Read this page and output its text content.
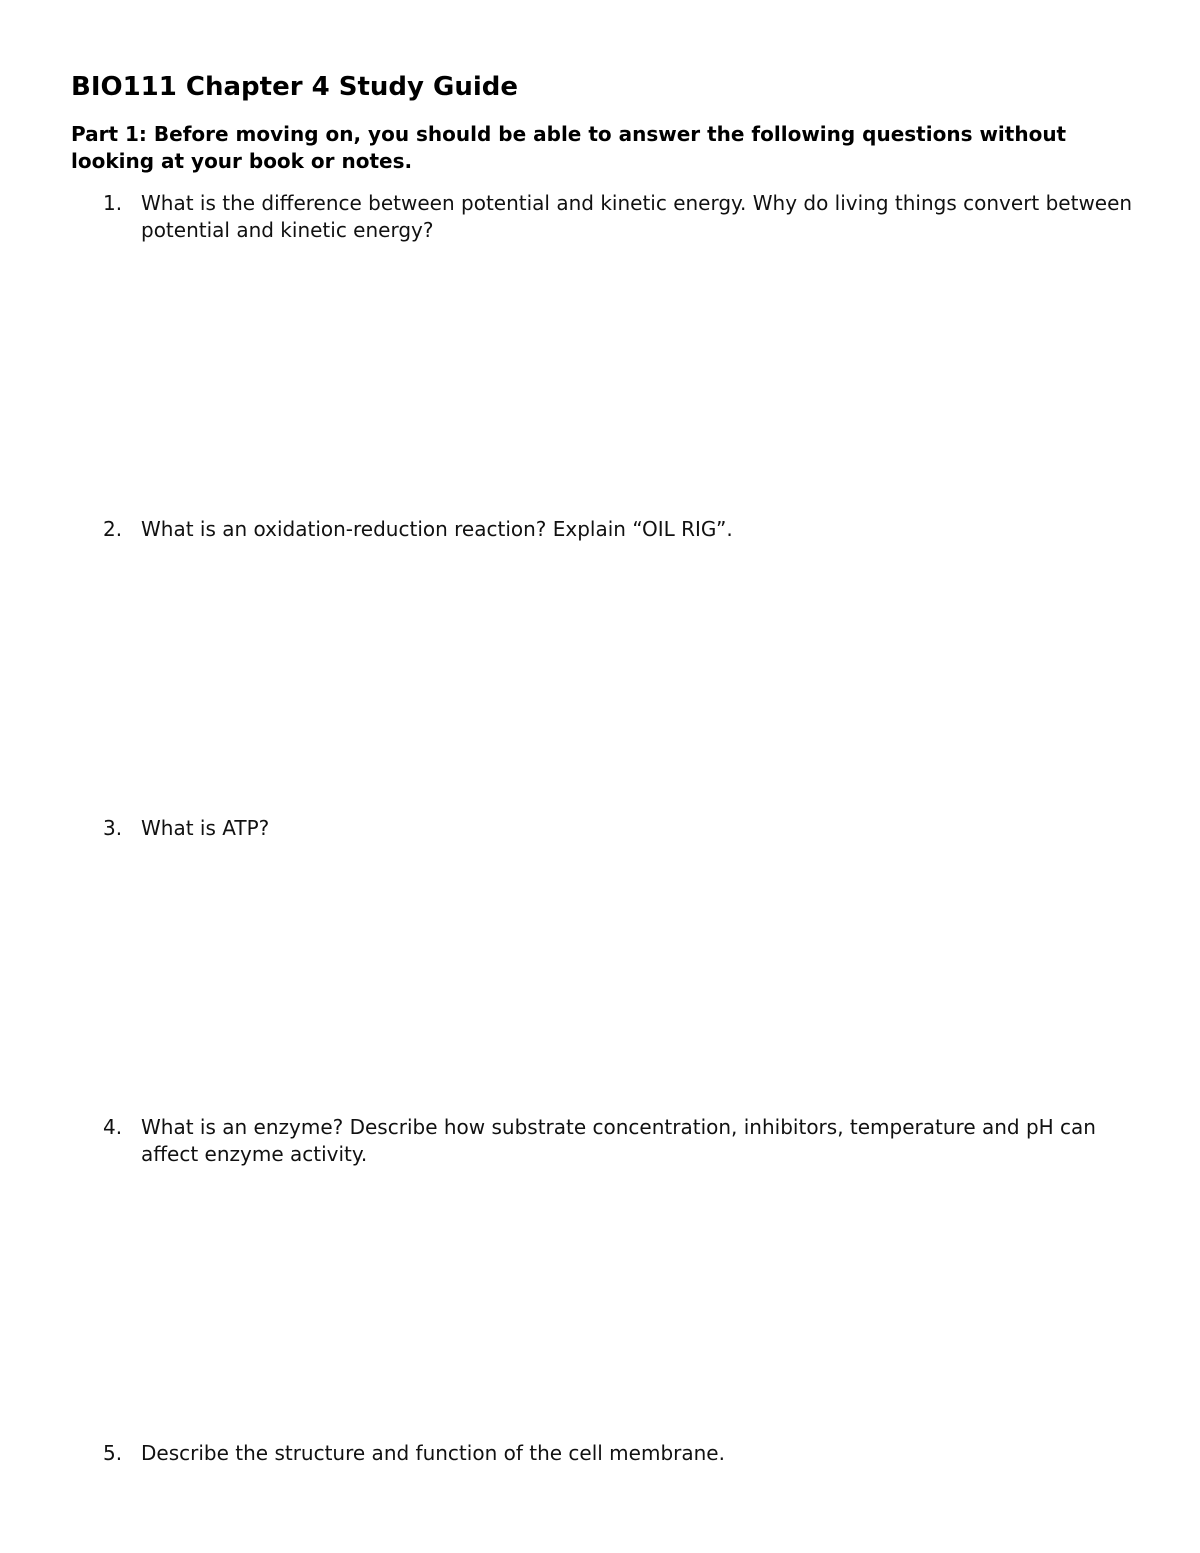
BIO111 Chapter 4 Study Guide

Part 1: Before moving on, you should be able to answer the following questions without looking at your book or notes.

1. What is the difference between potential and kinetic energy. Why do living things convert between potential and kinetic energy?
2. What is an oxidation-reduction reaction? Explain “OIL RIG”.
3. What is ATP?
4. What is an enzyme? Describe how substrate concentration, inhibitors, temperature and pH can affect enzyme activity.
5. Describe the structure and function of the cell membrane.
